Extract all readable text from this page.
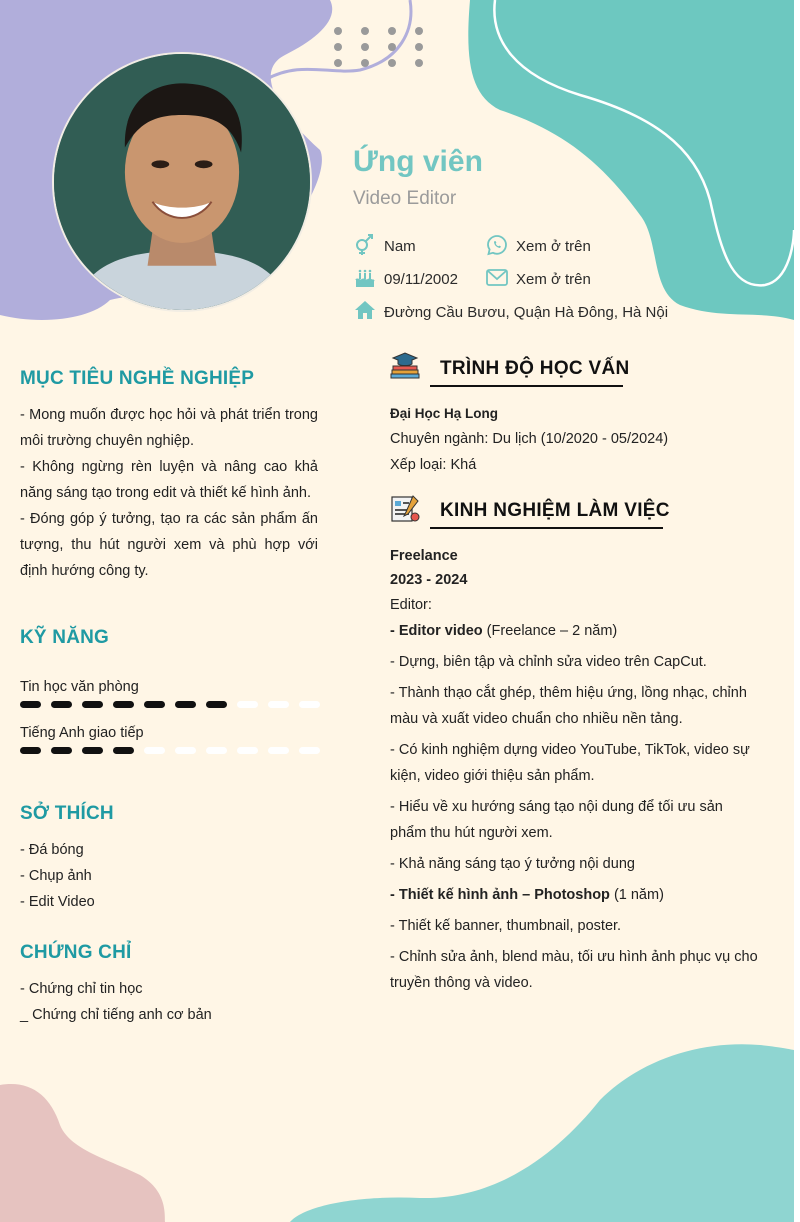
Ứng viên
Video Editor
Nam	Xem ở trên
09/11/2002	Xem ở trên
Đường Cầu Bươu, Quận Hà Đông, Hà Nội
MỤC TIÊU NGHỀ NGHIỆP
- Mong muốn được học hỏi và phát triển trong môi trường chuyên nghiệp.
- Không ngừng rèn luyện và nâng cao khả năng sáng tạo trong edit và thiết kế hình ảnh.
- Đóng góp ý tưởng, tạo ra các sản phẩm ấn tượng, thu hút người xem và phù hợp với định hướng công ty.
KỸ NĂNG
Tin học văn phòng
Tiếng Anh giao tiếp
SỞ THÍCH
- Đá bóng
- Chụp ảnh
- Edit Video
CHỨNG CHỈ
- Chứng chỉ tin học
_ Chứng chỉ tiếng anh cơ bản
TRÌNH ĐỘ HỌC VẤN
Đại Học Hạ Long
Chuyên ngành: Du lịch (10/2020 - 05/2024)
Xếp loại: Khá
KINH NGHIỆM LÀM VIỆC
Freelance
2023 - 2024
Editor:
- Editor video (Freelance – 2 năm)
- Dựng, biên tập và chỉnh sửa video trên CapCut.
- Thành thạo cắt ghép, thêm hiệu ứng, lồng nhạc, chỉnh màu và xuất video chuẩn cho nhiều nền tảng.
- Có kinh nghiệm dựng video YouTube, TikTok, video sự kiện, video giới thiệu sản phẩm.
- Hiểu về xu hướng sáng tạo nội dung để tối ưu sản phẩm thu hút người xem.
- Khả năng sáng tạo ý tưởng nội dung
- Thiết kế hình ảnh – Photoshop (1 năm)
- Thiết kế banner, thumbnail, poster.
- Chỉnh sửa ảnh, blend màu, tối ưu hình ảnh phục vụ cho truyền thông và video.
